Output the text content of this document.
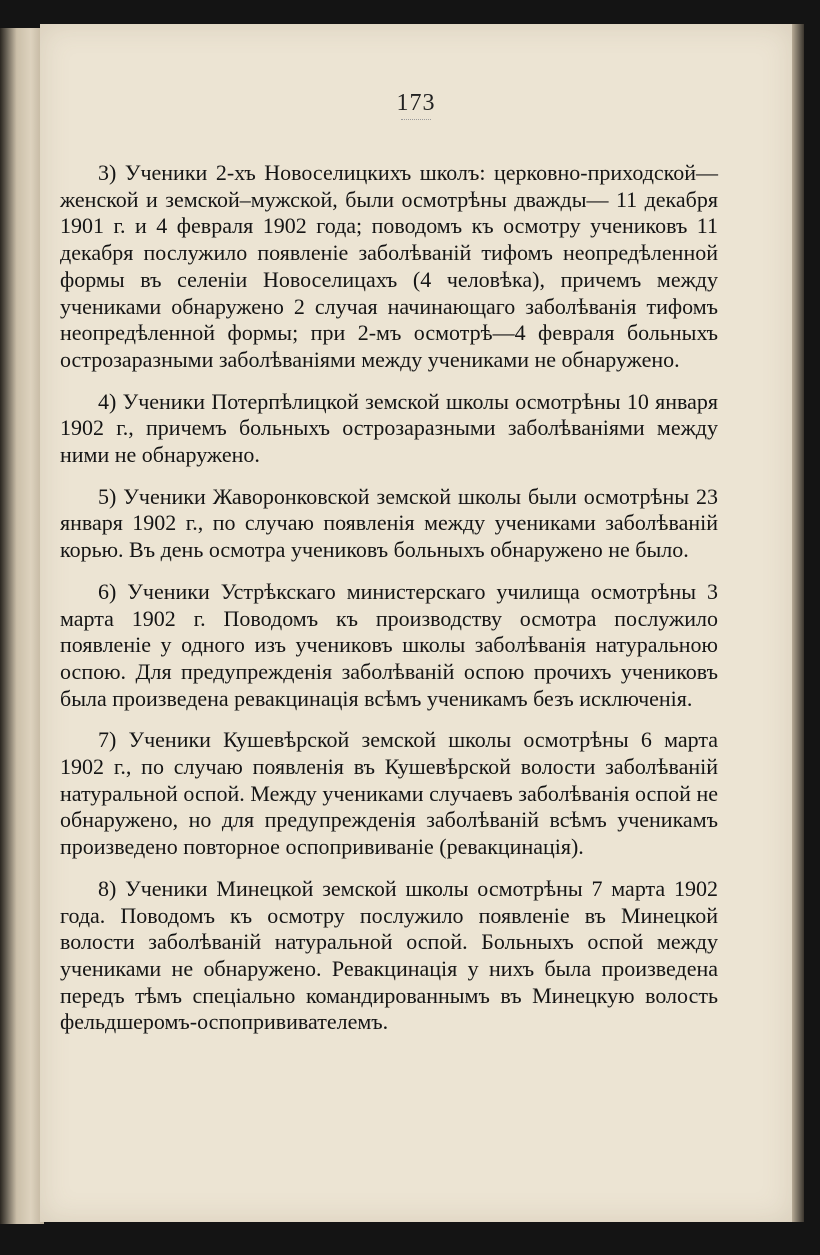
173

3) Ученики 2-хъ Новоселицкихъ школъ: церковно-приходской—женской и земской–мужской, были осмотрѣны дважды— 11 декабря 1901 г. и 4 февраля 1902 года; поводомъ къ осмотру учениковъ 11 декабря послужило появленіе заболѣваній тифомъ неопредѣленной формы въ селеніи Новоселицахъ (4 человѣка), причемъ между учениками обнаружено 2 случая начинающаго заболѣванія тифомъ неопредѣленной формы; при 2-мъ осмотрѣ—4 февраля больныхъ острозаразными заболѣваніями между учениками не обнаружено.

4) Ученики Потерпѣлицкой земской школы осмотрѣны 10 января 1902 г., причемъ больныхъ острозаразными заболѣваніями между ними не обнаружено.

5) Ученики Жаворонковской земской школы были осмотрѣны 23 января 1902 г., по случаю появленія между учениками заболѣваній корью. Въ день осмотра учениковъ больныхъ обнаружено не было.

6) Ученики Устрѣкскаго министерскаго училища осмотрѣны 3 марта 1902 г. Поводомъ къ производству осмотра послужило появленіе у одного изъ учениковъ школы заболѣванія натуральною оспою. Для предупрежденія заболѣваній оспою прочихъ учениковъ была произведена ревакцинація всѣмъ ученикамъ безъ исключенія.

7) Ученики Кушевѣрской земской школы осмотрѣны 6 марта 1902 г., по случаю появленія въ Кушевѣрской волости заболѣваній натуральной оспой. Между учениками случаевъ заболѣванія оспой не обнаружено, но для предупрежденія заболѣваній всѣмъ ученикамъ произведено повторное оспопрививаніе (ревакцинація).

8) Ученики Минецкой земской школы осмотрѣны 7 марта 1902 года. Поводомъ къ осмотру послужило появленіе въ Минецкой волости заболѣваній натуральной оспой. Больныхъ оспой между учениками не обнаружено. Ревакцинація у нихъ была произведена передъ тѣмъ спеціально командированнымъ въ Минецкую волость фельдшеромъ-оспопрививателемъ.
